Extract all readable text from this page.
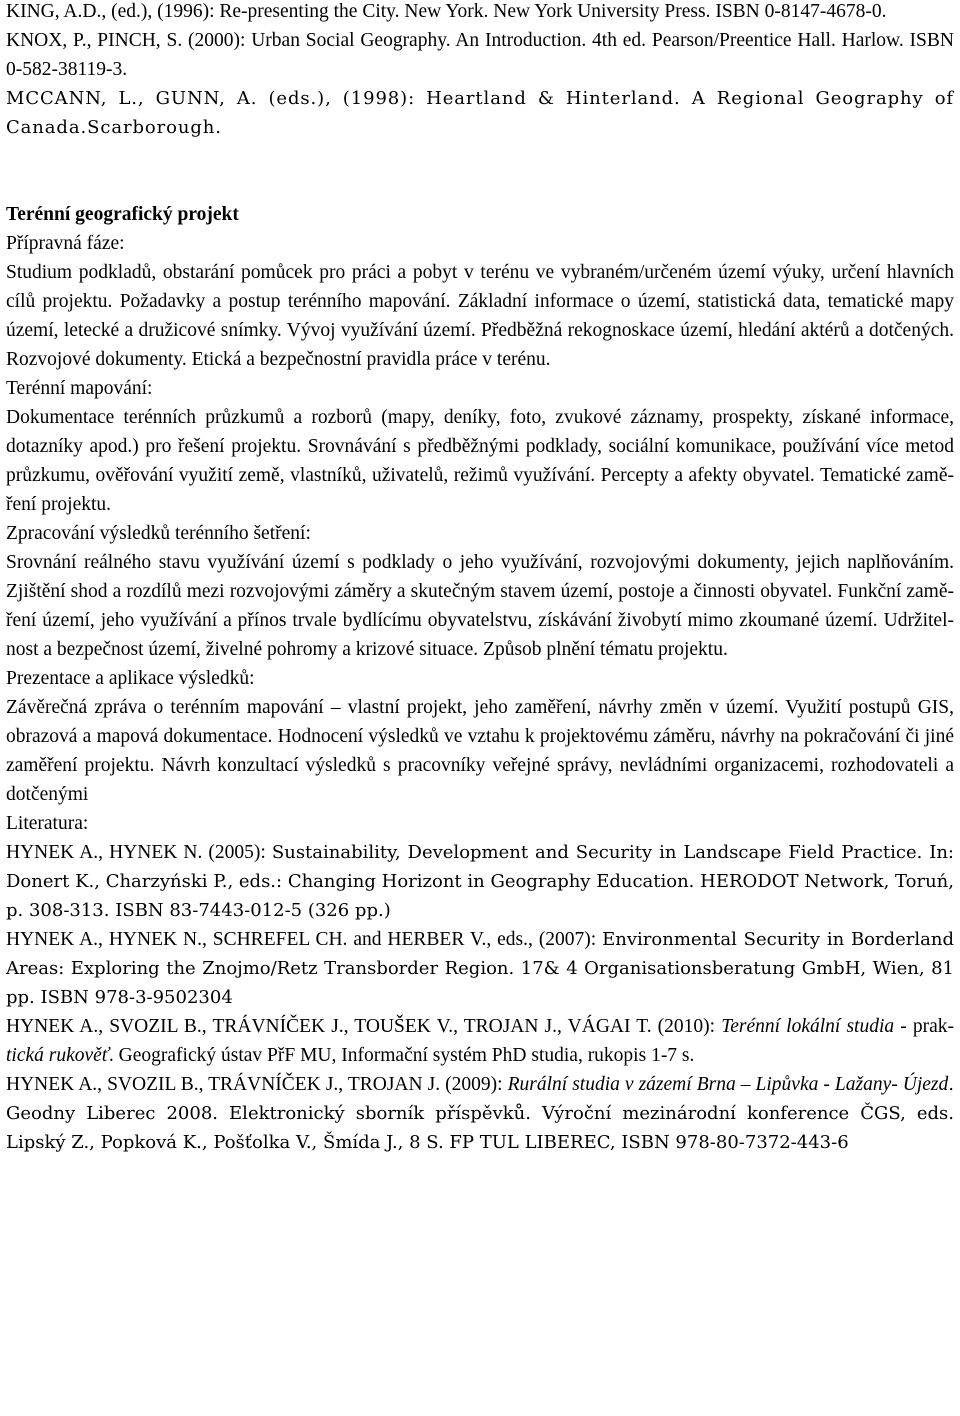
KING, A.D., (ed.), (1996): Re-presenting the City. New York. New York University Press. ISBN 0-8147-4678-0.
KNOX, P., PINCH, S. (2000): Urban Social Geography. An Introduction. 4th ed. Pearson/Preentice Hall. Harlow. ISBN 0-582-38119-3.
MCCANN, L., GUNN, A. (eds.), (1998): Heartland & Hinterland. A Regional Geography of Canada.Scarborough.
Terénní geografický projekt
Přípravná fáze:
Studium podkladů, obstarání pomůcek pro práci a pobyt v terénu ve vybraném/určeném území výuky, určení hlavních cílů projektu. Požadavky a postup terénního mapování. Základní informace o území, statistická data, tematické mapy území, letecké a družicové snímky. Vývoj využívání území. Předběžná rekognoskace území, hledání aktérů a dotčených. Rozvojové dokumenty. Etická a bezpečnostní pravidla práce v terénu.
Terénní mapování:
Dokumentace terénních průzkumů a rozborů (mapy, deníky, foto, zvukové záznamy, prospekty, získané informace, dotazníky apod.) pro řešení projektu. Srovnávání s předběžnými podklady, sociální komunikace, používání více metod průzkumu, ověřování využití země, vlastníků, uživatelů, režimů využívání. Percepty a afekty obyvatel. Tematické zamě-ření projektu.
Zpracování výsledků terénního šetření:
Srovnání reálného stavu využívání území s podklady o jeho využívání, rozvojovými dokumenty, jejich naplňováním. Zjištění shod a rozdílů mezi rozvojovými záměry a skutečným stavem území, postoje a činnosti obyvatel. Funkční zamě-ření území, jeho využívání a přínos trvale bydlícímu obyvatelstvu, získávání živobytí mimo zkoumané území. Udržitel-nost a bezpečnost území, živelné pohromy a krizové situace. Způsob plnění tématu projektu.
Prezentace a aplikace výsledků:
Závěrečná zpráva o terénním mapování – vlastní projekt, jeho zaměření, návrhy změn v území. Využití postupů GIS, obrazová a mapová dokumentace. Hodnocení výsledků ve vztahu k projektovému záměru, návrhy na pokračování či jiné zaměření projektu. Návrh konzultací výsledků s pracovníky veřejné správy, nevládními organizacemi, rozhodovateli a dotčenými
Literatura:
HYNEK A., HYNEK N. (2005): Sustainability, Development and Security in Landscape Field Practice. In: Donert K., Charzyński P., eds.: Changing Horizont in Geography Education. HERODOT Network, Toruń, p. 308-313. ISBN 83-7443-012-5 (326 pp.)
HYNEK A., HYNEK N., SCHREFEL CH. and HERBER V., eds., (2007): Environmental Security in Borderland Areas: Exploring the Znojmo/Retz Transborder Region. 17& 4 Organisationsberatung GmbH, Wien, 81 pp. ISBN 978-3-9502304
HYNEK A., SVOZIL B., TRÁVNÍČEK J., TOUŠEK V., TROJAN J., VÁGAI T. (2010): Terénní lokální studia - prak-tická rukověť. Geografický ústav PřF MU, Informační systém PhD studia, rukopis 1-7 s.
HYNEK A., SVOZIL B., TRÁVNÍČEK J., TROJAN J. (2009): Rurální studia v zázemí Brna – Lipůvka - Lažany- Újezd. Geodny Liberec 2008. Elektronický sborník příspěvků. Výroční mezinárodní konference ČGS, eds. Lipský Z., Popková K., Pošťolka V., Šmída J., 8 S. FP TUL LIBEREC, ISBN 978-80-7372-443-6
